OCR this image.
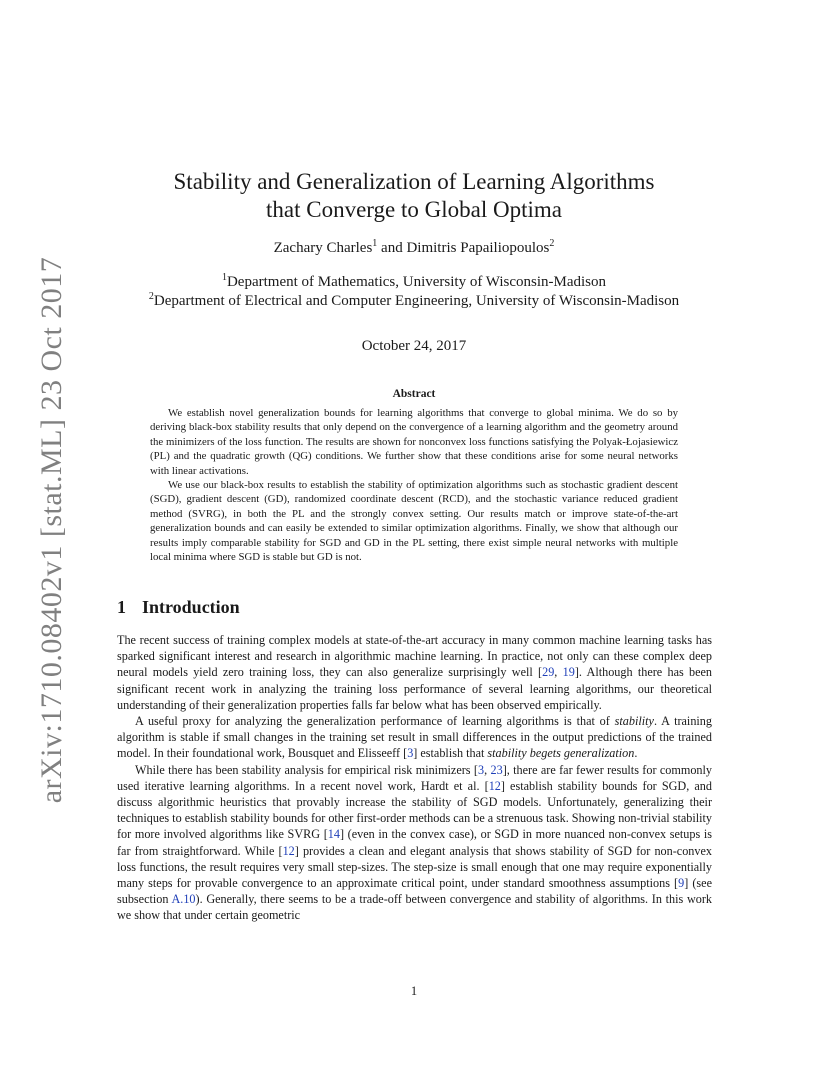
arXiv:1710.08402v1 [stat.ML] 23 Oct 2017
Stability and Generalization of Learning Algorithms
that Converge to Global Optima
Zachary Charles$^1$ and Dimitris Papailiopoulos$^2$
$^1$Department of Mathematics, University of Wisconsin-Madison
$^2$Department of Electrical and Computer Engineering, University of Wisconsin-Madison
October 24, 2017
Abstract

We establish novel generalization bounds for learning algorithms that converge to global minima. We do so by deriving black-box stability results that only depend on the convergence of a learning algorithm and the geometry around the minimizers of the loss function. The results are shown for nonconvex loss functions satisfying the Polyak-Łojasiewicz (PL) and the quadratic growth (QG) conditions. We further show that these conditions arise for some neural networks with linear activations.

We use our black-box results to establish the stability of optimization algorithms such as stochastic gradient descent (SGD), gradient descent (GD), randomized coordinate descent (RCD), and the stochastic variance reduced gradient method (SVRG), in both the PL and the strongly convex setting. Our results match or improve state-of-the-art generalization bounds and can easily be extended to similar optimization algorithms. Finally, we show that although our results imply comparable stability for SGD and GD in the PL setting, there exist simple neural networks with multiple local minima where SGD is stable but GD is not.

1 Introduction

The recent success of training complex models at state-of-the-art accuracy in many common machine learning tasks has sparked significant interest and research in algorithmic machine learning. In practice, not only can these complex deep neural models yield zero training loss, they can also generalize surprisingly well [29, 19]. Although there has been significant recent work in analyzing the training loss performance of several learning algorithms, our theoretical understanding of their generalization properties falls far below what has been observed empirically.

A useful proxy for analyzing the generalization performance of learning algorithms is that of stability. A training algorithm is stable if small changes in the training set result in small differences in the output predictions of the trained model. In their foundational work, Bousquet and Elisseeff [3] establish that stability begets generalization.

While there has been stability analysis for empirical risk minimizers [3, 23], there are far fewer results for commonly used iterative learning algorithms. In a recent novel work, Hardt et al. [12] establish stability bounds for SGD, and discuss algorithmic heuristics that provably increase the stability of SGD models. Unfortunately, generalizing their techniques to establish stability bounds for other first-order methods can be a strenuous task. Showing non-trivial stability for more involved algorithms like SVRG [14] (even in the convex case), or SGD in more nuanced non-convex setups is far from straightforward. While [12] provides a clean and elegant analysis that shows stability of SGD for non-convex loss functions, the result requires very small step-sizes. The step-size is small enough that one may require exponentially many steps for provable convergence to an approximate critical point, under standard smoothness assumptions [9] (see subsection A.10). Generally, there seems to be a trade-off between convergence and stability of algorithms. In this work we show that under certain geometric

1
